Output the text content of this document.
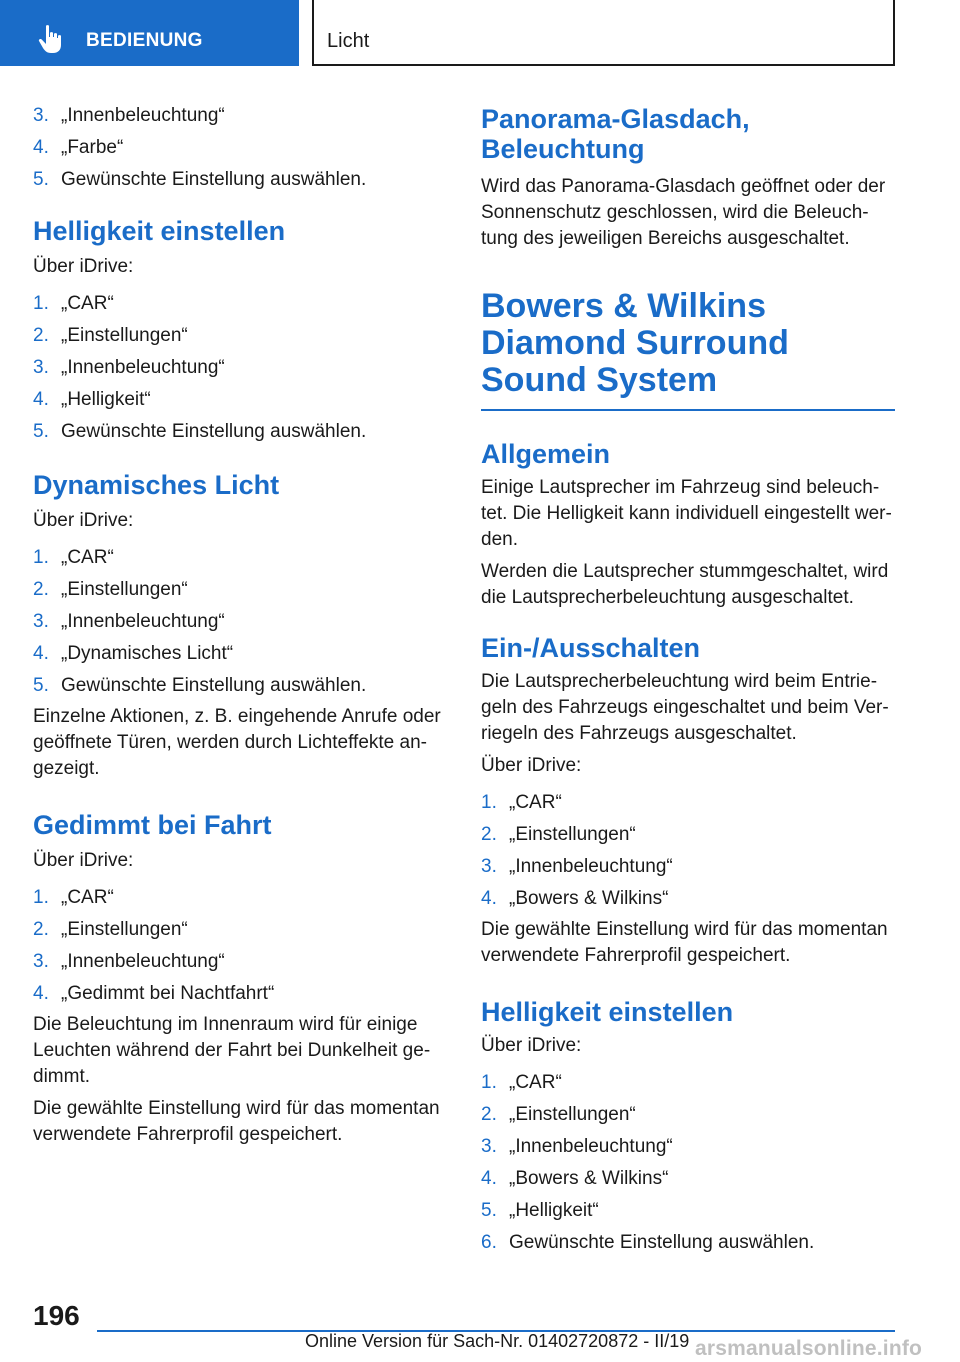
BEDIENUNG	Licht
3. „Innenbeleuchtung“
4. „Farbe“
5. Gewünschte Einstellung auswählen.
Helligkeit einstellen

Über iDrive:

1. „CAR“
2. „Einstellungen“
3. „Innenbeleuchtung“
4. „Helligkeit“
5. Gewünschte Einstellung auswählen.
Dynamisches Licht

Über iDrive:

1. „CAR“
2. „Einstellungen“
3. „Innenbeleuchtung“
4. „Dynamisches Licht“
5. Gewünschte Einstellung auswählen.

Einzelne Aktionen, z. B. eingehende Anrufe oder geöffnete Türen, werden durch Lichteffekte angezeigt.

Gedimmt bei Fahrt

Über iDrive:

1. „CAR“
2. „Einstellungen“
3. „Innenbeleuchtung“
4. „Gedimmt bei Nachtfahrt“

Die Beleuchtung im Innenraum wird für einige Leuchten während der Fahrt bei Dunkelheit gedimmt.

Die gewählte Einstellung wird für das momentan verwendete Fahrerprofil gespeichert.

Panorama-Glasdach, Beleuchtung

Wird das Panorama-Glasdach geöffnet oder der Sonnenschutz geschlossen, wird die Beleuchtung des jeweiligen Bereichs ausgeschaltet.

Bowers & Wilkins Diamond Surround Sound System
Allgemein

Einige Lautsprecher im Fahrzeug sind beleuchtet. Die Helligkeit kann individuell eingestellt werden.

Werden die Lautsprecher stummgeschaltet, wird die Lautsprecherbeleuchtung ausgeschaltet.

Ein-/Ausschalten

Die Lautsprecherbeleuchtung wird beim Entriegeln des Fahrzeugs eingeschaltet und beim Verriegeln des Fahrzeugs ausgeschaltet.

Über iDrive:

1. „CAR“
2. „Einstellungen“
3. „Innenbeleuchtung“
4. „Bowers & Wilkins“

Die gewählte Einstellung wird für das momentan verwendete Fahrerprofil gespeichert.

Helligkeit einstellen

Über iDrive:

1. „CAR“
2. „Einstellungen“
3. „Innenbeleuchtung“
4. „Bowers & Wilkins“
5. „Helligkeit“
6. Gewünschte Einstellung auswählen.
196
Online Version für Sach-Nr. 01402720872 - II/19 arsmanualsonline.info
